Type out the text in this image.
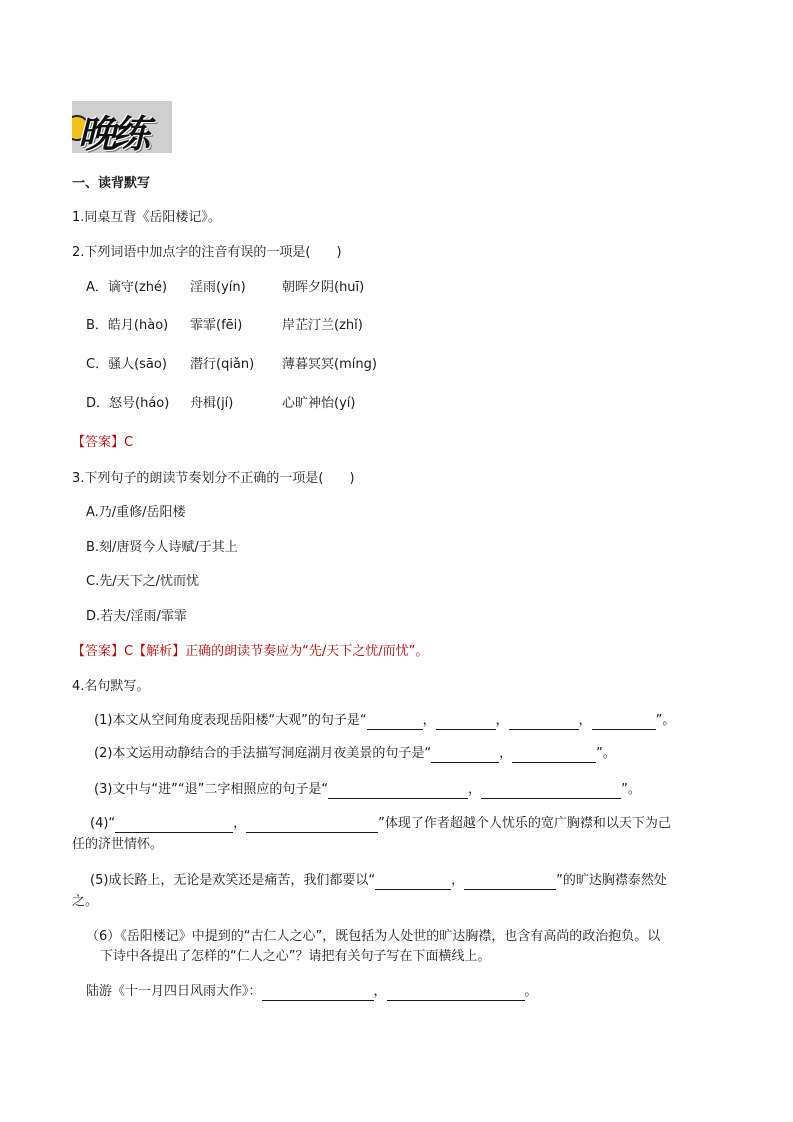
晚练
一、读背默写
1.同桌互背《岳阳楼记》。
2.下列词语中加点字的注音有误的一项是(　　)
A．谪守(zhé) 淫雨(yín)	朝晖夕阴(huī)
B．皓月(hào) 霏霏(fēi)	岸芷汀兰(zhǐ)
C．骚人(sāo) 潜行(qiǎn) 薄暮冥冥(míng)
D．怒号(háo) 舟楫(jí)	心旷神怡(yí)
【答案】C
3.下列句子的朗读节奏划分不正确的一项是(　　)
A.乃/重修/岳阳楼
B.刻/唐贤今人诗赋/于其上
C.先/天下之/忧而忧
D.若夫/淫雨/霏霏
【答案】C【解析】正确的朗读节奏应为“先/天下之忧/而忧”。
4.名句默写。
(1)本文从空间角度表现岳阳楼“大观”的句子是“	，	，	，	”。
(2)本文运用动静结合的手法描写洞庭湖月夜美景的句子是“	，	”。
(3)文中与“进”“退”二字相照应的句子是“	，	”。
(4)“	，	”体现了作者超越个人忧乐的宽广胸襟和以天下为己
任的济世情怀。
(5)成长路上，无论是欢笑还是痛苦，我们都要以“	，	”的旷达胸襟泰然处
之。
（6）《岳阳楼记》中提到的“古仁人之心”，既包括为人处世的旷达胸襟，也含有高尚的政治抱负。以
下诗中各提出了怎样的“仁人之心”？请把有关句子写在下面横线上。
陆游《十一月四日风雨大作》：	，	。
